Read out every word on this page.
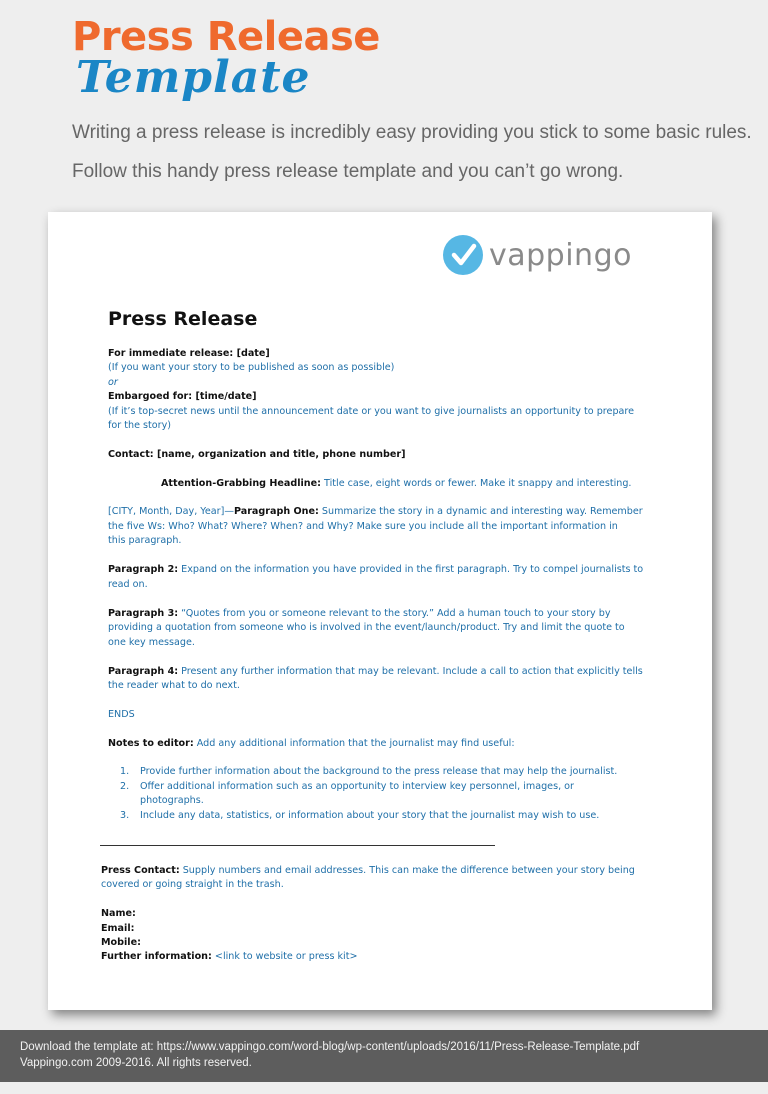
Press Release

Template

Writing a press release is incredibly easy providing you stick to some basic rules.

Follow this handy press release template and you can’t go wrong.

vappingo

Press Release

For immediate release: [date]

(If you want your story to be published as soon as possible)

or

Embargoed for: [time/date]

(If it’s top-secret news until the announcement date or you want to give journalists an opportunity to prepare

for the story)

Contact: [name, organization and title, phone number]

Attention-Grabbing Headline: Title case, eight words or fewer. Make it snappy and interesting.

[CITY, Month, Day, Year]—Paragraph One: Summarize the story in a dynamic and interesting way. Remember

the five Ws: Who? What? Where? When? and Why? Make sure you include all the important information in

this paragraph.

Paragraph 2: Expand on the information you have provided in the first paragraph. Try to compel journalists to

read on.

Paragraph 3: “Quotes from you or someone relevant to the story.” Add a human touch to your story by

providing a quotation from someone who is involved in the event/launch/product. Try and limit the quote to

one key message.

Paragraph 4: Present any further information that may be relevant. Include a call to action that explicitly tells

the reader what to do next.

ENDS

Notes to editor: Add any additional information that the journalist may find useful:

1. Provide further information about the background to the press release that may help the journalist.
2. Offer additional information such as an opportunity to interview key personnel, images, or
photographs.
3. Include any data, statistics, or information about your story that the journalist may wish to use.

Press Contact: Supply numbers and email addresses. This can make the difference between your story being

covered or going straight in the trash.

Name:

Email:

Mobile:

Further information: <link to website or press kit>

Download the template at: https://www.vappingo.com/word-blog/wp-content/uploads/2016/11/Press-Release-Template.pdf

Vappingo.com 2009-2016. All rights reserved.
